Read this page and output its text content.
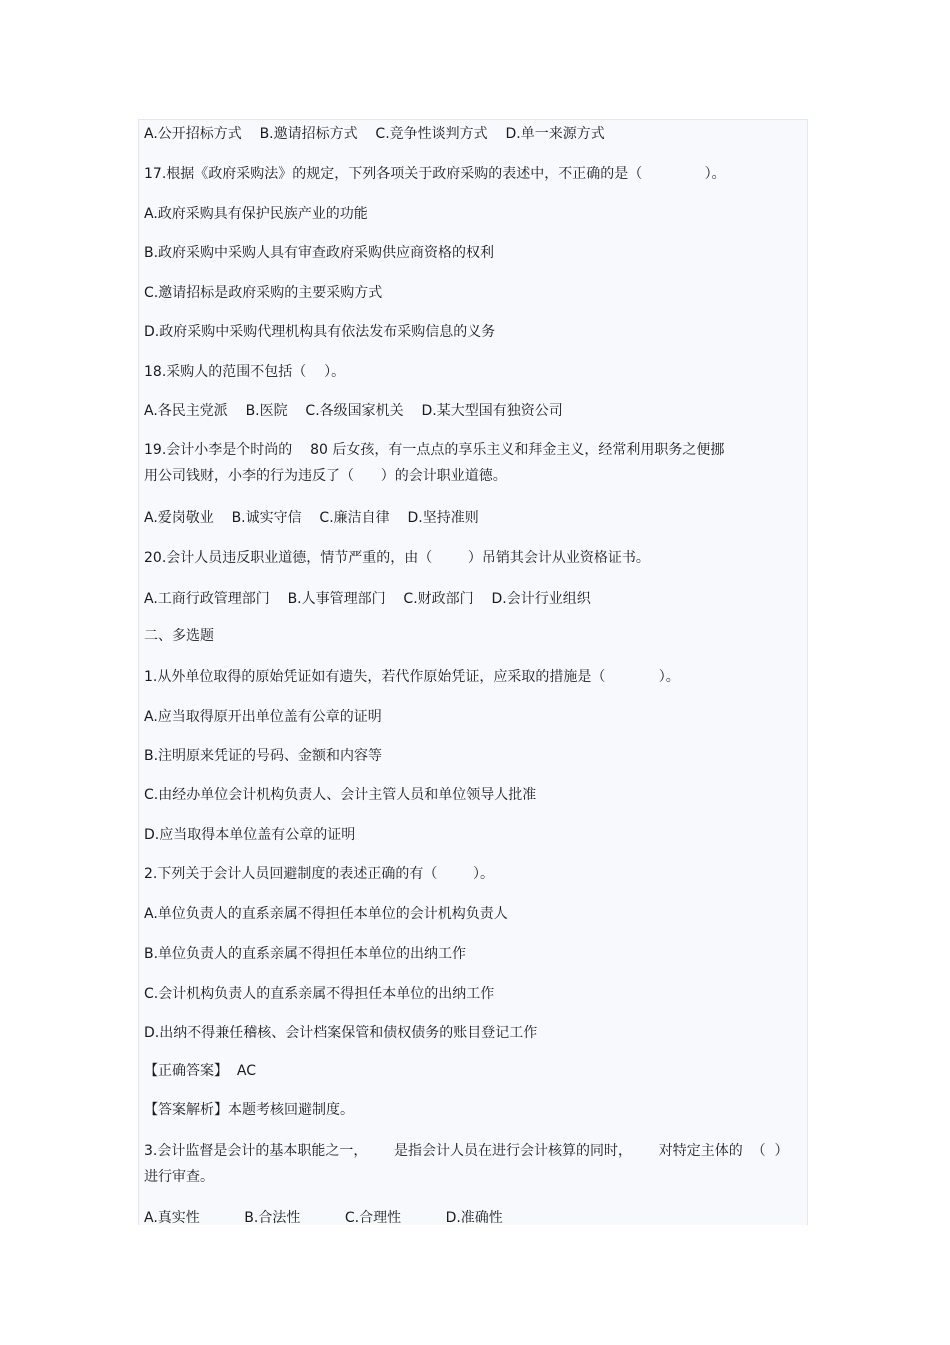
A.公开招标方式    B.邀请招标方式    C.竞争性谈判方式    D.单一来源方式

17.根据《政府采购法》的规定，下列各项关于政府采购的表述中，不正确的是（              ）。

A.政府采购具有保护民族产业的功能

B.政府采购中采购人具有审查政府采购供应商资格的权利

C.邀请招标是政府采购的主要采购方式

D.政府采购中采购代理机构具有依法发布采购信息的义务

18.采购人的范围不包括（    ）。

A.各民主党派    B.医院    C.各级国家机关    D.某大型国有独资公司

19.会计小李是个时尚的    80 后女孩，有一点点的享乐主义和拜金主义，经常利用职务之便挪
用公司钱财，小李的行为违反了（      ）的会计职业道德。

A.爱岗敬业    B.诚实守信    C.廉洁自律    D.坚持准则

20.会计人员违反职业道德，情节严重的，由（        ）吊销其会计从业资格证书。

A.工商行政管理部门    B.人事管理部门    C.财政部门    D.会计行业组织

二、多选题

1.从外单位取得的原始凭证如有遗失，若代作原始凭证，应采取的措施是（            ）。

A.应当取得原开出单位盖有公章的证明

B.注明原来凭证的号码、金额和内容等

C.由经办单位会计机构负责人、会计主管人员和单位领导人批准

D.应当取得本单位盖有公章的证明

2.下列关于会计人员回避制度的表述正确的有（        ）。

A.单位负责人的直系亲属不得担任本单位的会计机构负责人

B.单位负责人的直系亲属不得担任本单位的出纳工作

C.会计机构负责人的直系亲属不得担任本单位的出纳工作

D.出纳不得兼任稽核、会计档案保管和债权债务的账目登记工作

【正确答案】  AC

【答案解析】本题考核回避制度。

3.会计监督是会计的基本职能之一，      是指会计人员在进行会计核算的同时，      对特定主体的  （  ）
进行审查。

A.真实性          B.合法性          C.合理性          D.准确性
